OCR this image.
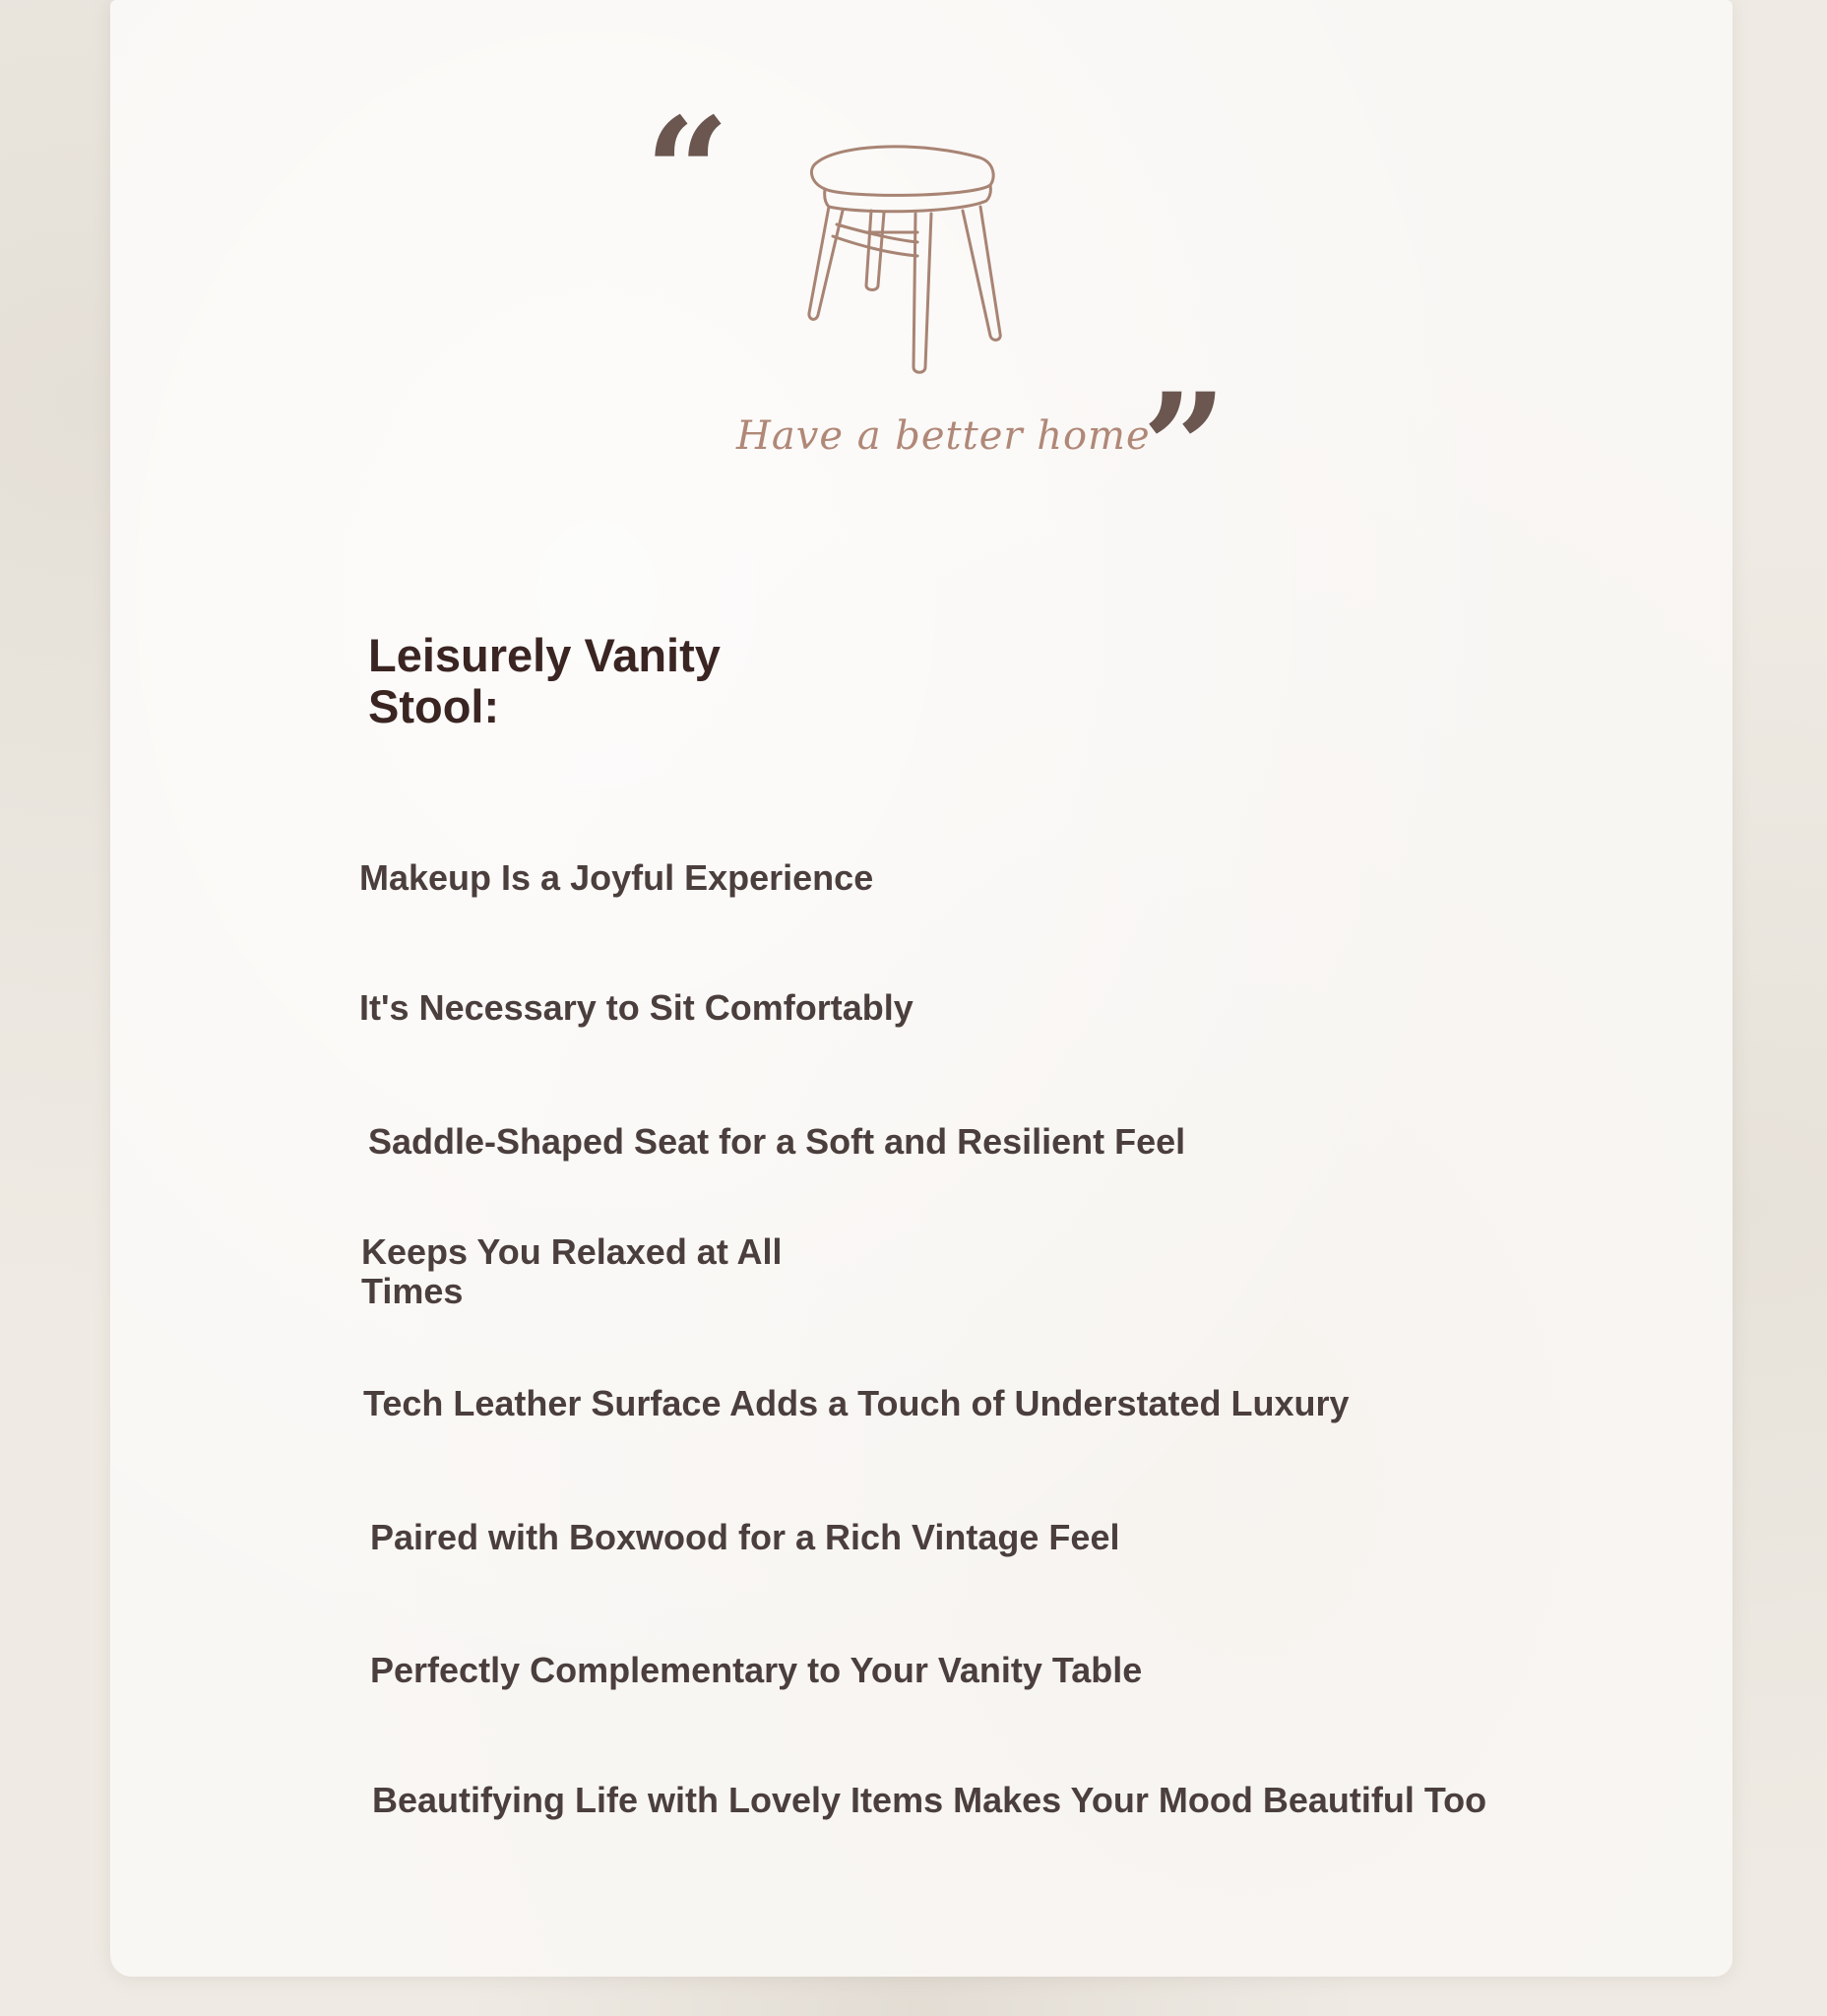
“
”
Have a better home
Leisurely Vanity Stool:
Makeup Is a Joyful Experience
It's Necessary to Sit Comfortably
Saddle-Shaped Seat for a Soft and Resilient Feel
Keeps You Relaxed at All Times
Tech Leather Surface Adds a Touch of Understated Luxury
Paired with Boxwood for a Rich Vintage Feel
Perfectly Complementary to Your Vanity Table
Beautifying Life with Lovely Items Makes Your Mood Beautiful Too
